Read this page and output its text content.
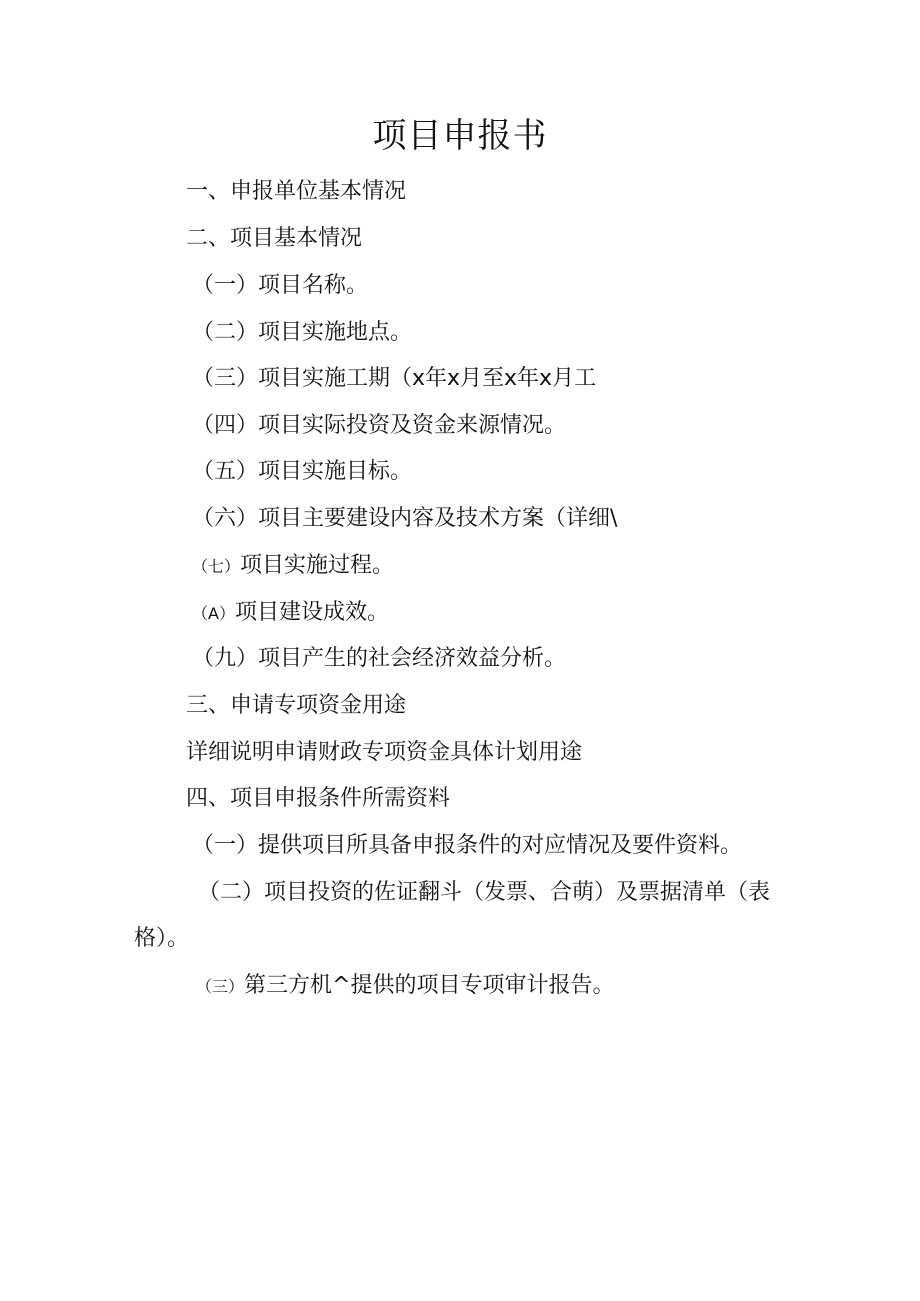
项目申报书
一、申报单位基本情况
二、项目基本情况
（一）项目名称。
（二）项目实施地点。
（三）项目实施工期（x年x月至x年x月工
（四）项目实际投资及资金来源情况。
（五）项目实施目标。
（六）项目主要建设内容及技术方案（详细\
（七）项目实施过程。
（A）项目建设成效。
（九）项目产生的社会经济效益分析。
三、申请专项资金用途
详细说明申请财政专项资金具体计划用途
四、项目申报条件所需资料
（一）提供项目所具备申报条件的对应情况及要件资料。
（二）项目投资的佐证翻斗（发票、合萌）及票据清单（表
格）。
（三）第三方机^提供的项目专项审计报告。
